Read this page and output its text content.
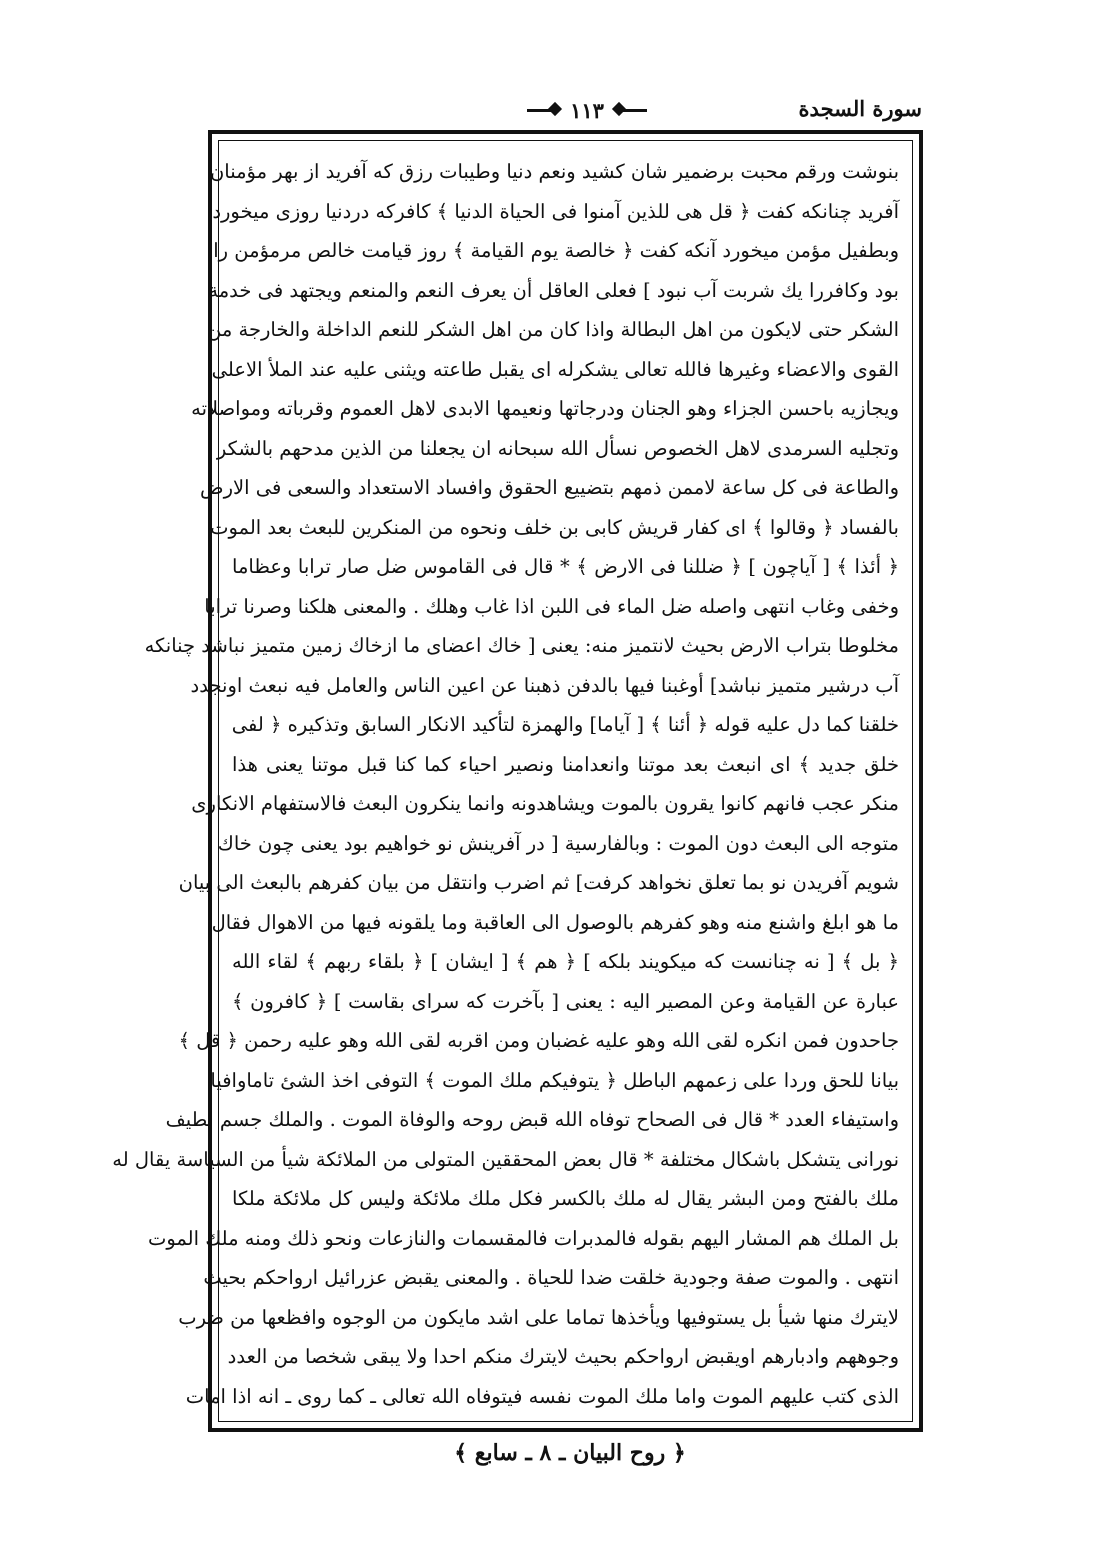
سورة السجدة
١١٣
بنوشت ورقم محبت برضمير شان كشيد ونعم دنيا وطيبات رزق كه آفريد از بهر مؤمنان
آفريد چنانكه كفت ﴿ قل هى للذين آمنوا فى الحياة الدنيا ﴾ كافركه دردنيا روزى ميخورد
وبطفيل مؤمن ميخورد آنكه كفت ﴿ خالصة يوم القيامة ﴾ روز قيامت خالص مرمؤمن را
بود وكافررا يك شربت آب نبود ] فعلى العاقل أن يعرف النعم والمنعم ويجتهد فى خدمة
الشكر حتى لايكون من اهل البطالة واذا كان من اهل الشكر للنعم الداخلة والخارجة من
القوى والاعضاء وغيرها فالله تعالى يشكرله اى يقبل طاعته ويثنى عليه عند الملأ الاعلى
ويجازيه باحسن الجزاء وهو الجنان ودرجاتها ونعيمها الابدى لاهل العموم وقرباته ومواصلاته
وتجليه السرمدى لاهل الخصوص نسأل الله سبحانه ان يجعلنا من الذين مدحهم بالشكر
والطاعة فى كل ساعة لاممن ذمهم بتضييع الحقوق وافساد الاستعداد والسعى فى الارض
بالفساد ﴿ وقالوا ﴾ اى كفار قريش كابى بن خلف ونحوه من المنكرين للبعث بعد الموت
﴿ أئذا ﴾ [ آياچون ] ﴿ ضللنا فى الارض ﴾ * قال فى القاموس ضل صار ترابا وعظاما
وخفى وغاب انتهى واصله ضل الماء فى اللبن اذا غاب وهلك . والمعنى هلكنا وصرنا ترابا
مخلوطا بتراب الارض بحيث لانتميز منه: يعنى [ خاك اعضاى ما ازخاك زمين متميز نباشد چنانكه
آب درشير متميز نباشد] أوغبنا فيها بالدفن ذهبنا عن اعين الناس والعامل فيه نبعث اونجدد
خلقنا كما دل عليه قوله ﴿ أئنا ﴾ [ آياما] والهمزة لتأكيد الانكار السابق وتذكيره ﴿ لفى
خلق جديد ﴾ اى انبعث بعد موتنا وانعدامنا ونصير احياء كما كنا قبل موتنا يعنى هذا
منكر عجب فانهم كانوا يقرون بالموت ويشاهدونه وانما ينكرون البعث فالاستفهام الانكارى
متوجه الى البعث دون الموت : وبالفارسية [ در آفرينش نو خواهيم بود يعنى چون خاك
شويم آفريدن نو بما تعلق نخواهد كرفت] ثم اضرب وانتقل من بيان كفرهم بالبعث الى بيان
ما هو ابلغ واشنع منه وهو كفرهم بالوصول الى العاقبة وما يلقونه فيها من الاهوال فقال
﴿ بل ﴾ [ نه چنانست كه ميكويند بلكه ] ﴿ هم ﴾ [ ايشان ] ﴿ بلقاء ربهم ﴾ لقاء الله
عبارة عن القيامة وعن المصير اليه : يعنى [ بآخرت كه سراى بقاست ] ﴿ كافرون ﴾
جاحدون فمن انكره لقى الله وهو عليه غضبان ومن اقربه لقى الله وهو عليه رحمن ﴿ قل ﴾
بيانا للحق وردا على زعمهم الباطل ﴿ يتوفيكم ملك الموت ﴾ التوفى اخذ الشئ تاماوافيا
واستيفاء العدد * قال فى الصحاح توفاه الله قبض روحه والوفاة الموت . والملك جسم لطيف
نورانى يتشكل باشكال مختلفة * قال بعض المحققين المتولى من الملائكة شيأ من السياسة يقال له
ملك بالفتح ومن البشر يقال له ملك بالكسر فكل ملك ملائكة وليس كل ملائكة ملكا
بل الملك هم المشار اليهم بقوله فالمدبرات فالمقسمات والنازعات ونحو ذلك ومنه ملك الموت
انتهى . والموت صفة وجودية خلقت ضدا للحياة . والمعنى يقبض عزرائيل ارواحكم بحيث
لايترك منها شيأ بل يستوفيها ويأخذها تماما على اشد مايكون من الوجوه وافظعها من ضرب
وجوههم وادبارهم اويقبض ارواحكم بحيث لايترك منكم احدا ولا يبقى شخصا من العدد
الذى كتب عليهم الموت واما ملك الموت نفسه فيتوفاه الله تعالى ـ كما روى ـ انه اذا امات
﴿ روح البيان ـ ٨ ـ سابع ﴾
